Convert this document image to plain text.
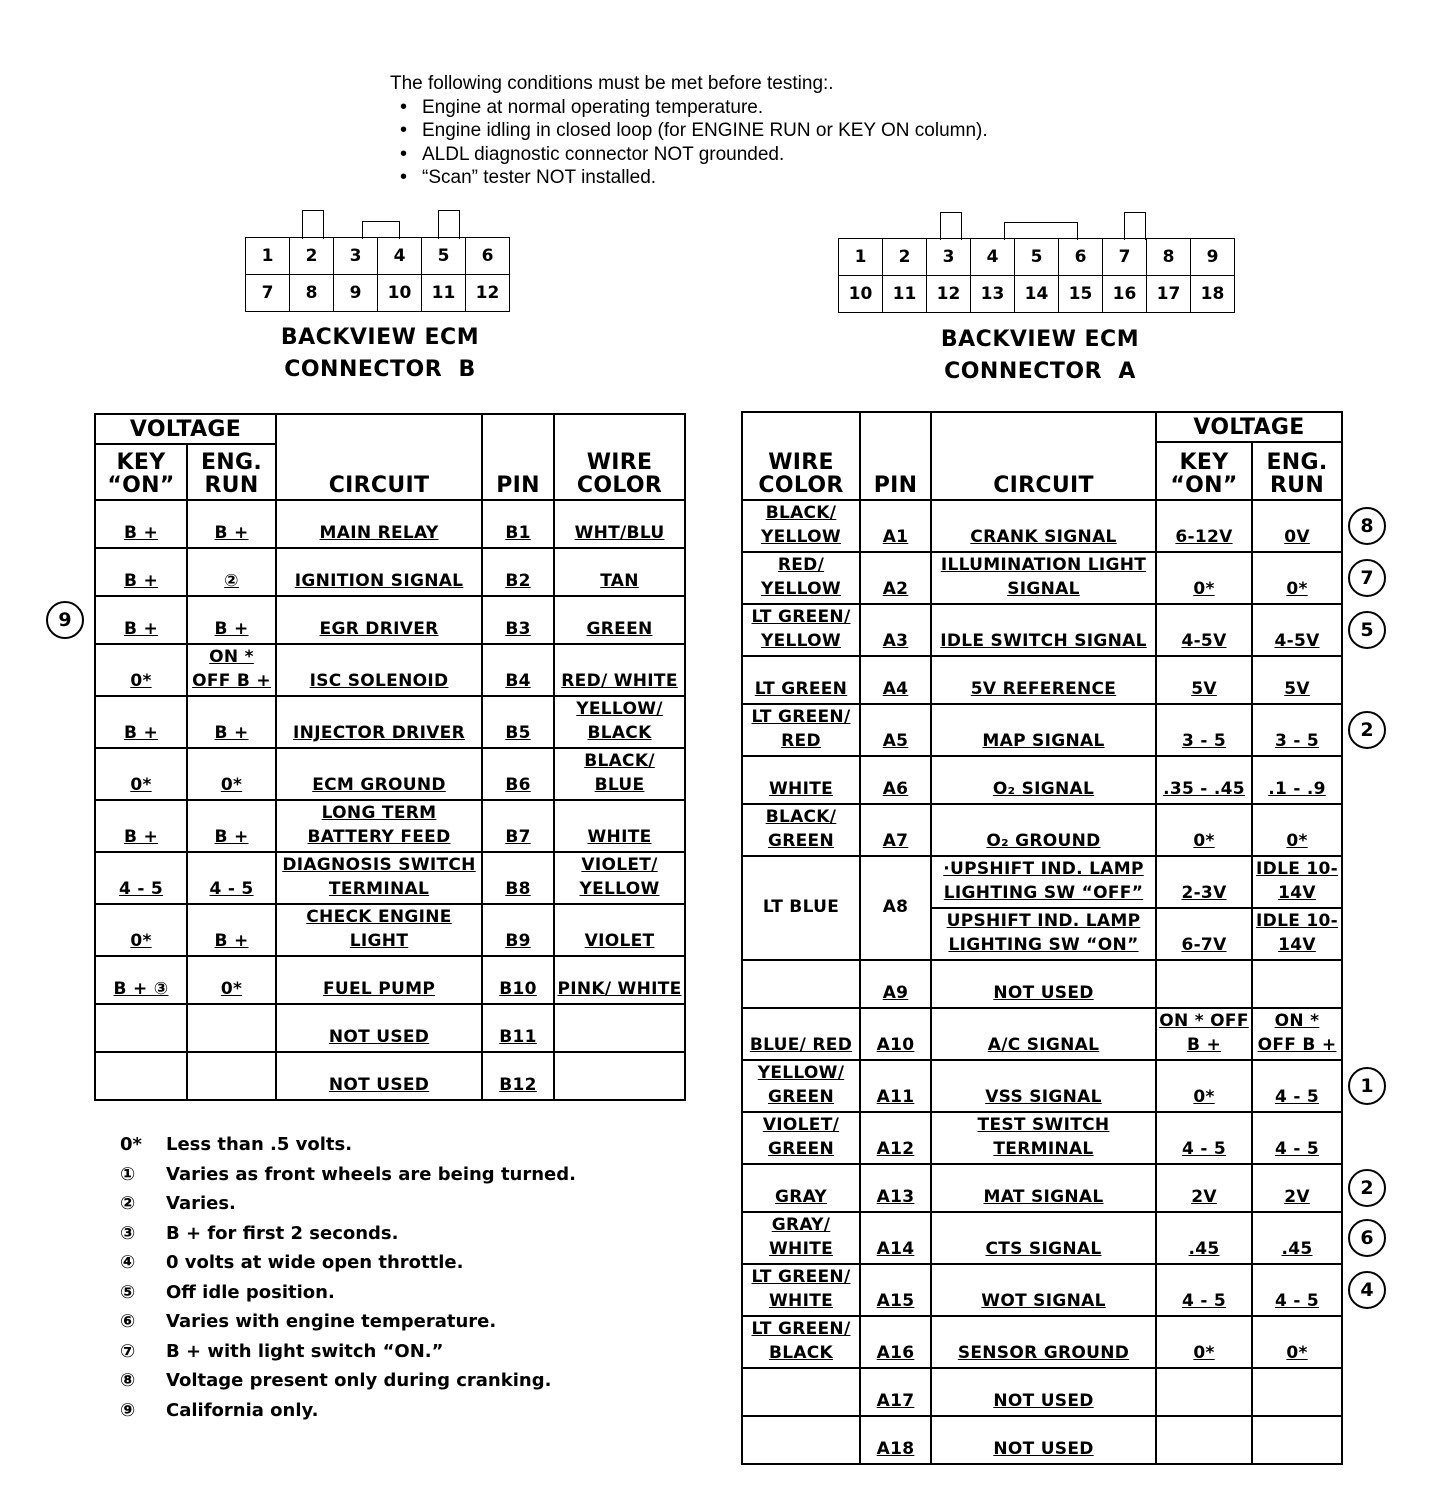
The following conditions must be met before testing:.
• Engine at normal operating temperature.
• Engine idling in closed loop (for ENGINE RUN or KEY ON column).
• ALDL diagnostic connector NOT grounded.
• “Scan” tester NOT installed.
1	2	3	4	5	6
7	8	9	10	11	12
BACKVIEW ECM
CONNECTOR  B
1	2	3	4	5	6	7	8	9
10	11	12	13	14	15	16	17	18
BACKVIEW ECM
CONNECTOR  A
VOLTAGE		CIRCUIT	PIN	WIRE COLOR
KEY “ON”	ENG. RUN			
B +	B +	MAIN RELAY	B1	WHT/BLU
B +	②	IGNITION SIGNAL	B2	TAN
B +	B +	EGR DRIVER	B3	GREEN
0*	ON * OFF B +	ISC SOLENOID	B4	RED/ WHITE
B +	B +	INJECTOR DRIVER	B5	YELLOW/ BLACK
0*	0*	ECM GROUND	B6	BLACK/ BLUE
B +	B +	LONG TERM BATTERY FEED	B7	WHITE
4 - 5	4 - 5	DIAGNOSIS SWITCH TERMINAL	B8	VIOLET/ YELLOW
0*	B +	CHECK ENGINE LIGHT	B9	VIOLET
B + ③	0*	FUEL PUMP	B10	PINK/ WHITE
		NOT USED	B11	
		NOT USED	B12	
WIRE COLOR	PIN	CIRCUIT	VOLTAGE	
			KEY “ON”	ENG. RUN
BLACK/ YELLOW	A1	CRANK SIGNAL	6-12V	0V
RED/ YELLOW	A2	ILLUMINATION LIGHT SIGNAL	0*	0*
LT GREEN/ YELLOW	A3	IDLE SWITCH SIGNAL	4-5V	4-5V
LT GREEN	A4	5V REFERENCE	5V	5V
LT GREEN/ RED	A5	MAP SIGNAL	3 - 5	3 - 5
WHITE	A6	O₂ SIGNAL	.35 - .45	.1 - .9
BLACK/ GREEN	A7	O₂ GROUND	0*	0*
LT BLUE	A8	·UPSHIFT IND. LAMP LIGHTING SW “OFF”	2-3V	IDLE 10-14V
		UPSHIFT IND. LAMP LIGHTING SW “ON”	6-7V	IDLE 10-14V
	A9	NOT USED		
BLUE/ RED	A10	A/C SIGNAL	ON * OFF B +	ON * OFF B +
YELLOW/ GREEN	A11	VSS SIGNAL	0*	4 - 5
VIOLET/ GREEN	A12	TEST SWITCH TERMINAL	4 - 5	4 - 5
GRAY	A13	MAT SIGNAL	2V	2V
GRAY/ WHITE	A14	CTS SIGNAL	.45	.45
LT GREEN/ WHITE	A15	WOT SIGNAL	4 - 5	4 - 5
LT GREEN/ BLACK	A16	SENSOR GROUND	0*	0*
	A17	NOT USED		
	A18	NOT USED		
8
7
5
2
1
2
6
4
9
0*	Less than .5 volts.
①	Varies as front wheels are being turned.
②	Varies.
③	B + for first 2 seconds.
④	0 volts at wide open throttle.
⑤	Off idle position.
⑥	Varies with engine temperature.
⑦	B + with light switch “ON.”
⑧	Voltage present only during cranking.
⑨	California only.
